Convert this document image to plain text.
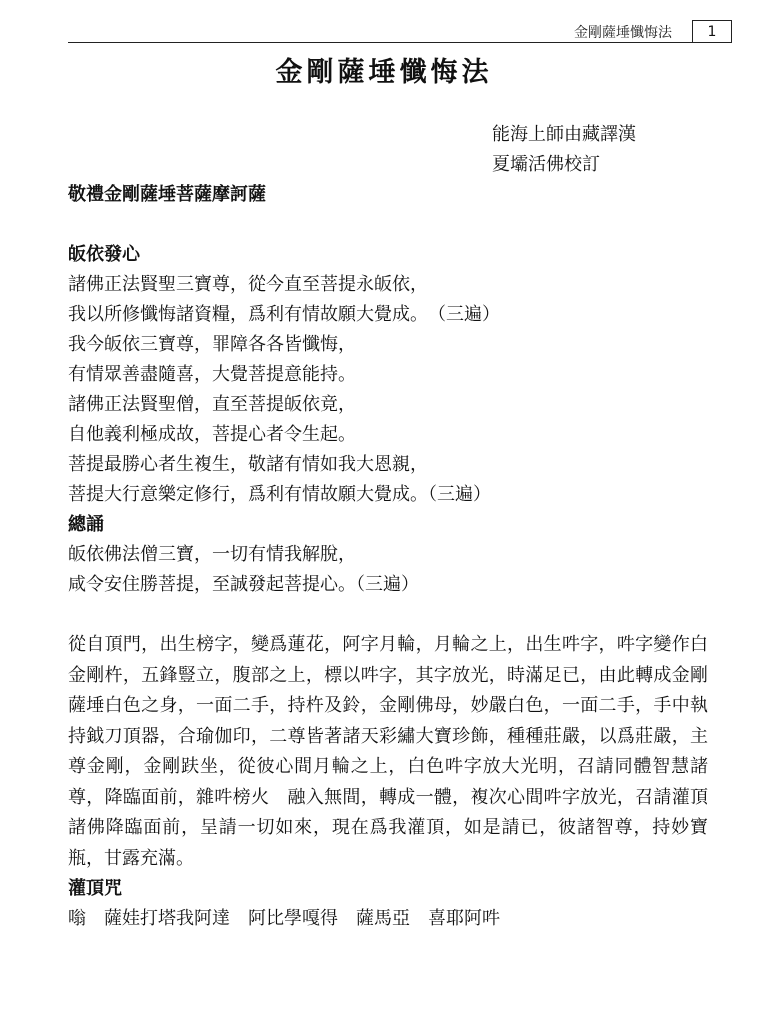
金剛薩埵懺悔法	1
金剛薩埵懺悔法
能海上師由藏譯漢
夏壩活佛校訂
敬禮金剛薩埵菩薩摩訶薩
皈依發心
諸佛正法賢聖三寶尊，從今直至菩提永皈依，
我以所修懺悔諸資糧，爲利有情故願大覺成。　（三遍）
我今皈依三寶尊，罪障各各皆懺悔，
有情眾善盡隨喜，大覺菩提意能持。
諸佛正法賢聖僧，直至菩提皈依竟，
自他義利極成故，菩提心者令生起。
菩提最勝心者生複生，敬諸有情如我大恩親，
菩提大行意樂定修行，爲利有情故願大覺成。（三遍）
總誦
皈依佛法僧三寶，一切有情我解脫，
咸令安住勝菩提，至誠發起菩提心。（三遍）
從自頂門，出生榜字，變爲蓮花，阿字月輪，月輪之上，出生吽字，吽字變作白金剛杵，五鋒豎立，腹部之上，標以吽字，其字放光，時滿足已，由此轉成金剛薩埵白色之身，一面二手，持杵及鈴，金剛佛母，妙嚴白色，一面二手，手中執持鉞刀頂器，合瑜伽印，二尊皆著諸天彩繡大寶珍飾，種種莊嚴，以爲莊嚴，主尊金剛，金剛趺坐，從彼心間月輪之上，白色吽字放大光明，召請同體智慧諸尊，降臨面前，雜吽榜火　融入無間，轉成一體，複次心間吽字放光，召請灌頂諸佛降臨面前，呈請一切如來，現在爲我灌頂，如是請已，彼諸智尊，持妙寶瓶，甘露充滿。
灌頂咒
嗡　薩娃打塔我阿達　阿比學嘎得　薩馬亞　喜耶阿吽
